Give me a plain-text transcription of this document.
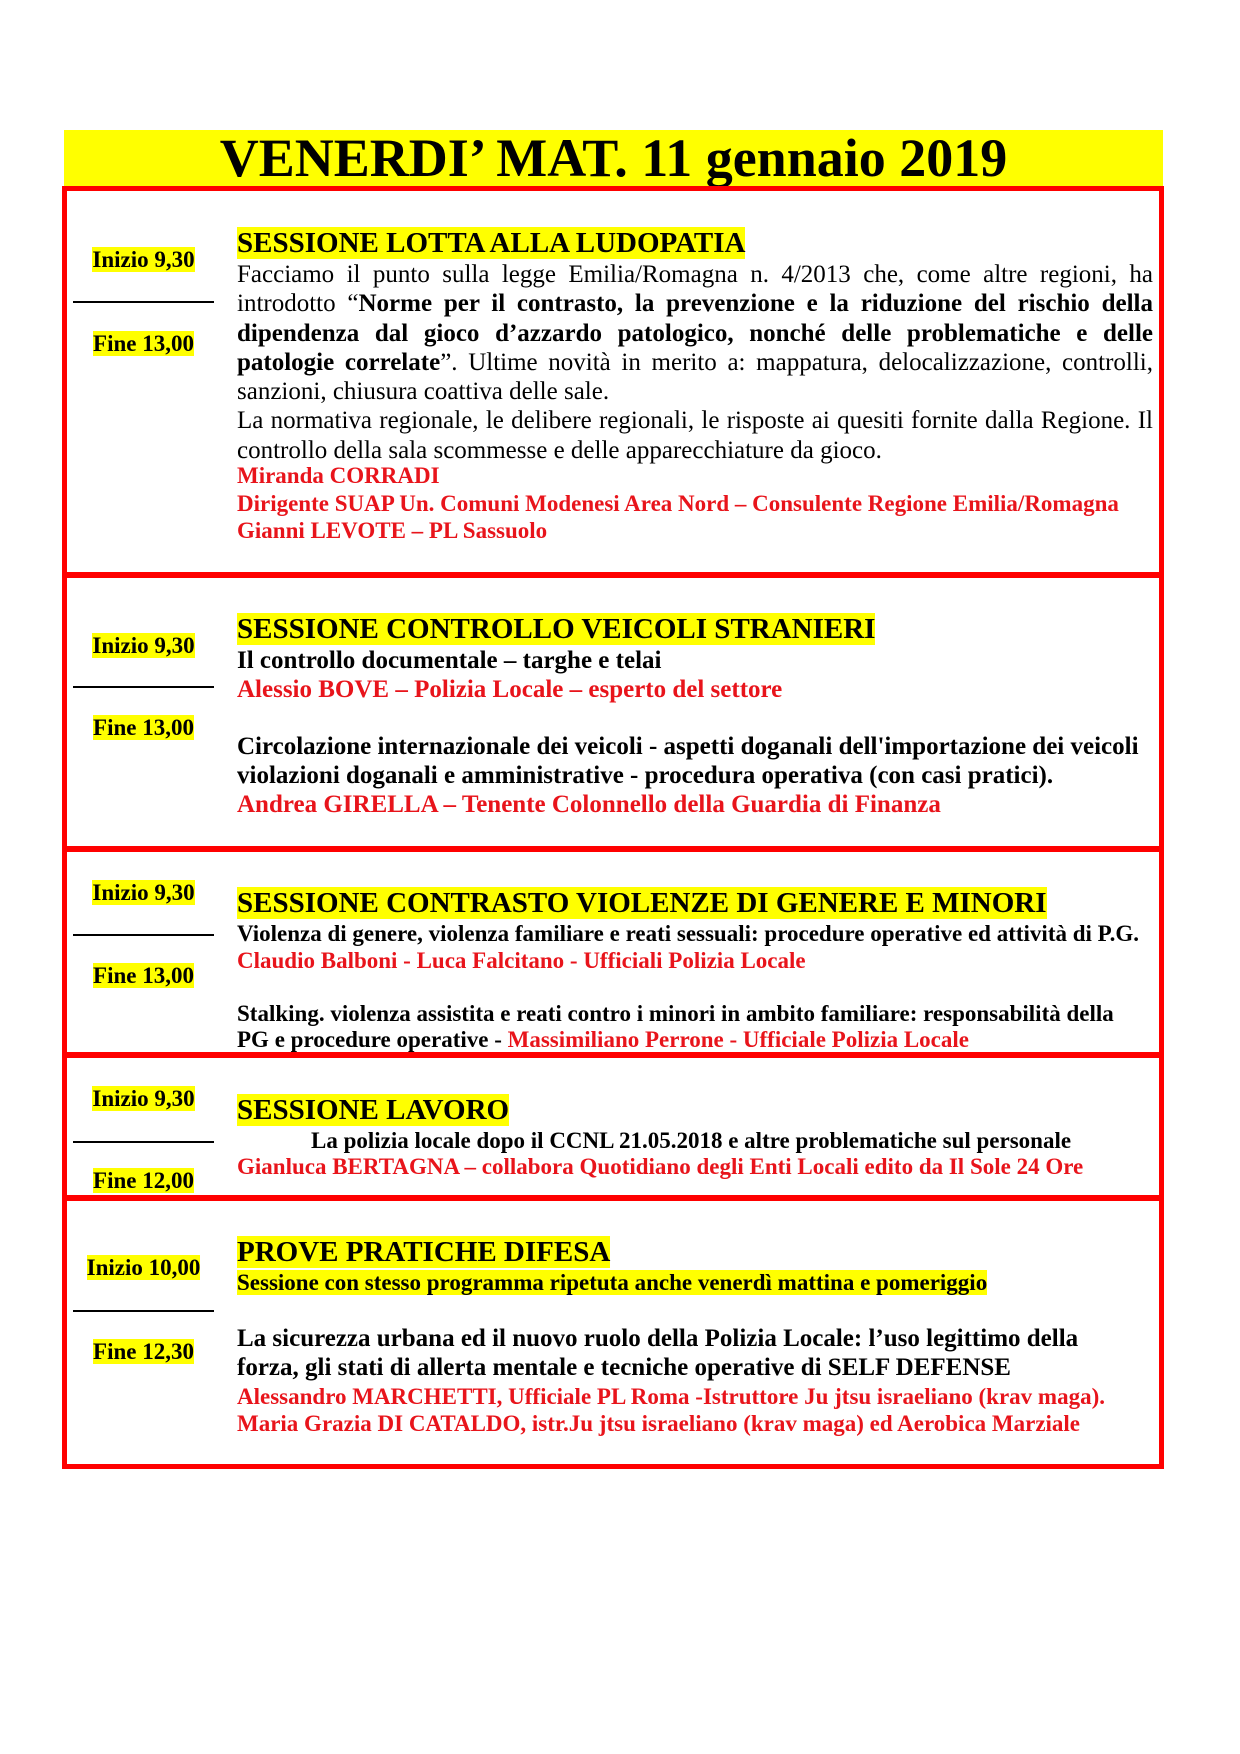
VENERDI’ MAT. 11 gennaio 2019
Inizio 9,30
Fine 13,00
SESSIONE LOTTA ALLA LUDOPATIA

Facciamo il punto sulla legge Emilia/Romagna n. 4/2013 che, come altre regioni, ha introdotto “Norme per il contrasto, la prevenzione e la riduzione del rischio della dipendenza dal gioco d’azzardo patologico, nonché delle problematiche e delle patologie correlate”. Ultime novità in merito a: mappatura, delocalizzazione, controlli, sanzioni, chiusura coattiva delle sale.

La normativa regionale, le delibere regionali, le risposte ai quesiti fornite dalla Regione. Il controllo della sala scommesse e delle apparecchiature da gioco.

Miranda CORRADI
Dirigente SUAP Un. Comuni Modenesi Area Nord – Consulente Regione Emilia/Romagna
Gianni LEVOTE – PL Sassuolo
Inizio 9,30
Fine 13,00
SESSIONE CONTROLLO VEICOLI STRANIERI
Il controllo documentale – targhe e telai
Alessio BOVE – Polizia Locale – esperto del settore
Circolazione internazionale dei veicoli - aspetti doganali dell'importazione dei veicoli violazioni doganali e amministrative - procedura operativa (con casi pratici).
Andrea GIRELLA – Tenente Colonnello della Guardia di Finanza
Inizio 9,30
Fine 13,00
SESSIONE CONTRASTO VIOLENZE DI GENERE E MINORI
Violenza di genere, violenza familiare e reati sessuali: procedure operative ed attività di P.G.
Claudio Balboni - Luca Falcitano - Ufficiali Polizia Locale
Stalking. violenza assistita e reati contro i minori in ambito familiare: responsabilità della PG e procedure operative - Massimiliano Perrone - Ufficiale Polizia Locale
Inizio 9,30
Fine 12,00
SESSIONE LAVORO
La polizia locale dopo il CCNL 21.05.2018 e altre problematiche sul personale
Gianluca BERTAGNA – collabora Quotidiano degli Enti Locali edito da Il Sole 24 Ore
Inizio 10,00
Fine 12,30
PROVE PRATICHE DIFESA
Sessione con stesso programma ripetuta anche venerdì mattina e pomeriggio
La sicurezza urbana ed il nuovo ruolo della Polizia Locale: l’uso legittimo della forza, gli stati di allerta mentale e tecniche operative di SELF DEFENSE
Alessandro MARCHETTI, Ufficiale PL Roma -Istruttore Ju jtsu israeliano (krav maga).
Maria Grazia DI CATALDO, istr.Ju jtsu israeliano (krav maga) ed Aerobica Marziale
